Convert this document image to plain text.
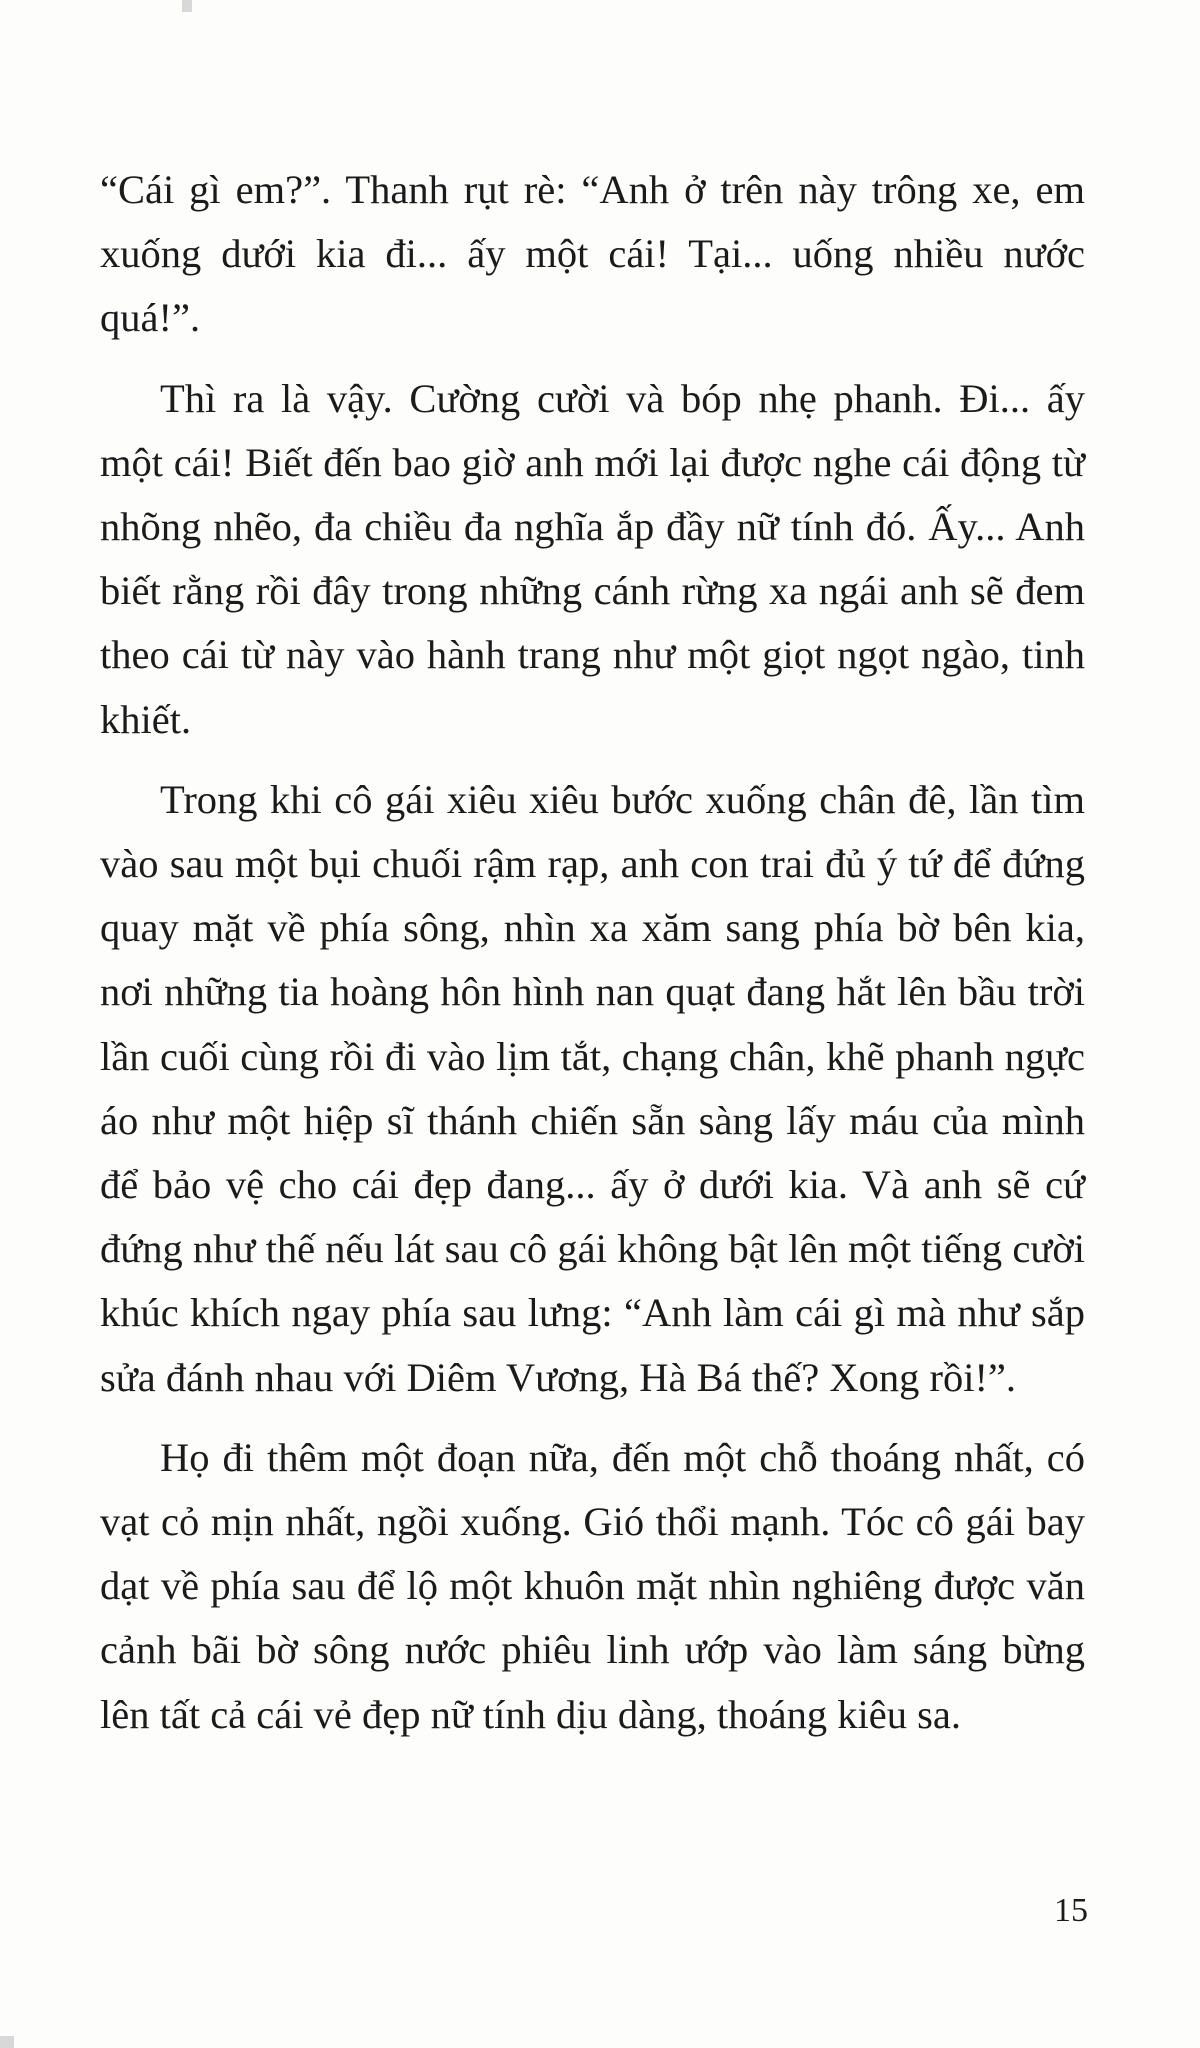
“Cái gì em?”. Thanh rụt rè: “Anh ở trên này trông xe, em xuống dưới kia đi... ấy một cái! Tại... uống nhiều nước quá!”.

Thì ra là vậy. Cường cười và bóp nhẹ phanh. Đi... ấy một cái! Biết đến bao giờ anh mới lại được nghe cái động từ nhõng nhẽo, đa chiều đa nghĩa ắp đầy nữ tính đó. Ấy... Anh biết rằng rồi đây trong những cánh rừng xa ngái anh sẽ đem theo cái từ này vào hành trang như một giọt ngọt ngào, tinh khiết.

Trong khi cô gái xiêu xiêu bước xuống chân đê, lần tìm vào sau một bụi chuối rậm rạp, anh con trai đủ ý tứ để đứng quay mặt về phía sông, nhìn xa xăm sang phía bờ bên kia, nơi những tia hoàng hôn hình nan quạt đang hắt lên bầu trời lần cuối cùng rồi đi vào lịm tắt, chạng chân, khẽ phanh ngực áo như một hiệp sĩ thánh chiến sẵn sàng lấy máu của mình để bảo vệ cho cái đẹp đang... ấy ở dưới kia. Và anh sẽ cứ đứng như thế nếu lát sau cô gái không bật lên một tiếng cười khúc khích ngay phía sau lưng: “Anh làm cái gì mà như sắp sửa đánh nhau với Diêm Vương, Hà Bá thế? Xong rồi!”.

Họ đi thêm một đoạn nữa, đến một chỗ thoáng nhất, có vạt cỏ mịn nhất, ngồi xuống. Gió thổi mạnh. Tóc cô gái bay dạt về phía sau để lộ một khuôn mặt nhìn nghiêng được văn cảnh bãi bờ sông nước phiêu linh ướp vào làm sáng bừng lên tất cả cái vẻ đẹp nữ tính dịu dàng, thoáng kiêu sa.

15
